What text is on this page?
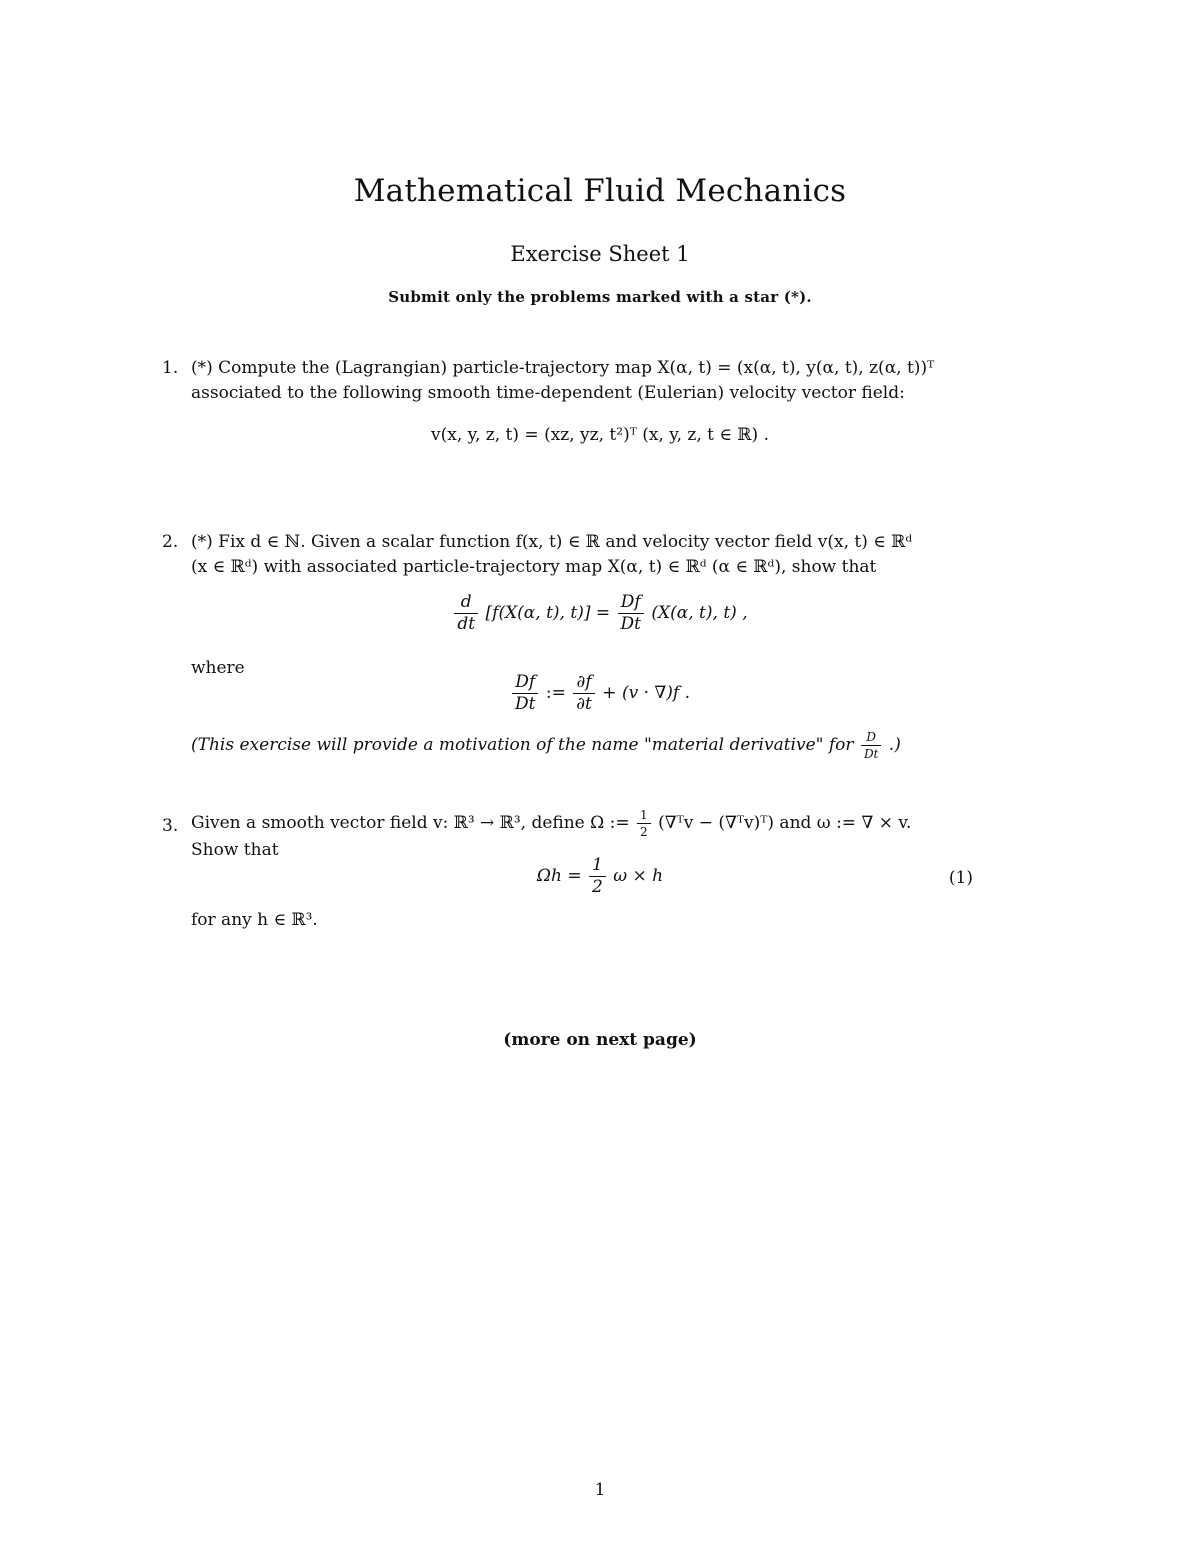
Mathematical Fluid Mechanics
Exercise Sheet 1
Submit only the problems marked with a star (*).
1. (*) Compute the (Lagrangian) particle-trajectory map X(α, t) = (x(α, t), y(α, t), z(α, t))ᵀ
associated to the following smooth time-dependent (Eulerian) velocity vector field:
v(x, y, z, t) = (xz, yz, t²)ᵀ (x, y, z, t ∈ ℝ) .
2. (*) Fix d ∈ ℕ. Given a scalar function f(x, t) ∈ ℝ and velocity vector field v(x, t) ∈ ℝᵈ
(x ∈ ℝᵈ) with associated particle-trajectory map X(α, t) ∈ ℝᵈ (α ∈ ℝᵈ), show that
$\frac{d}{dt} [f(X(\alpha$, t), $t)] = \frac{Df}{Dt} (X(\alpha$, t), t) ,
where
$\frac{Df}{Dt}$ := $\frac{\partial f}{\partial t} + (v \cdot \nabla)f$ .
(This exercise will provide a motivation of the name "material derivative" for $\frac{D}{Dt}$ .)
3. Given a smooth vector field v: ℝ³ → ℝ³, define Ω := $\frac{1}{2}$ (∇ᵀv − (∇ᵀv)ᵀ) and ω := ∇ × v.
Show that
$\Omega h = \frac{1}{2}$ ω × h	(1)
for any h ∈ ℝ³.
(more on next page)
1
